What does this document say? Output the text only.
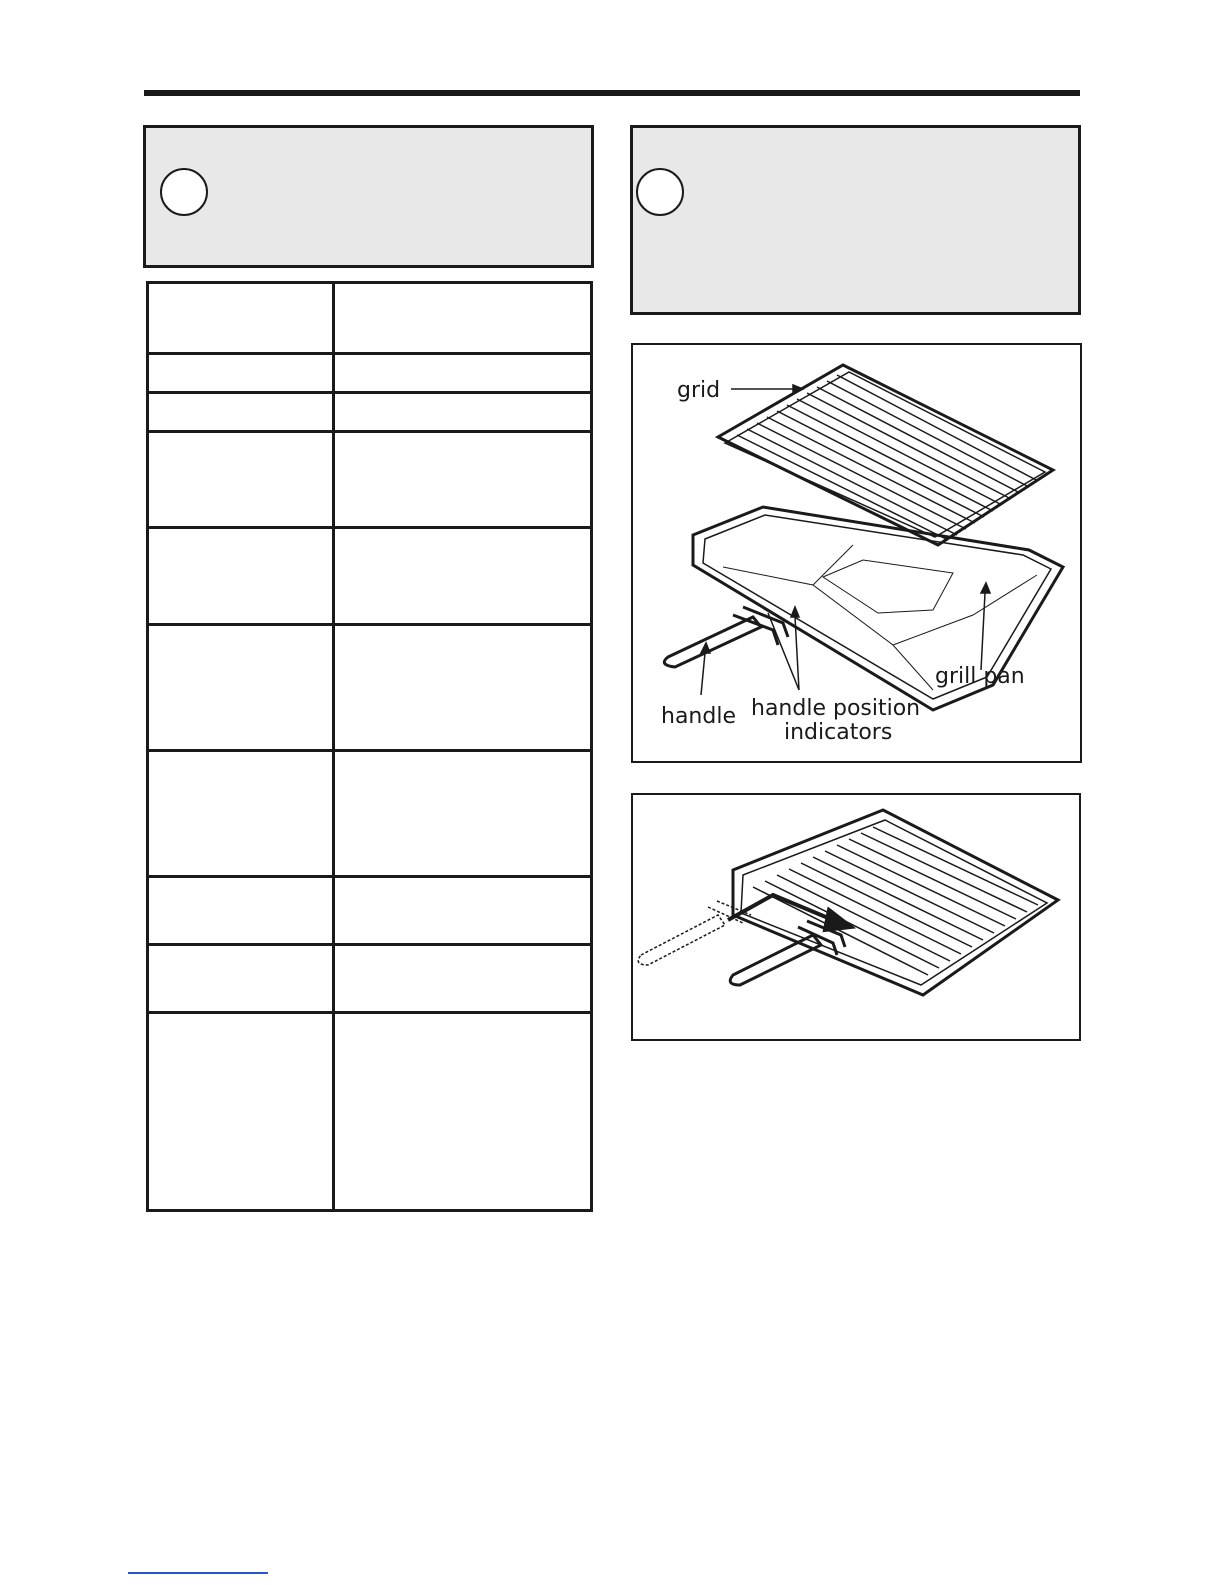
grid
grill pan
handle handle position
indicators
